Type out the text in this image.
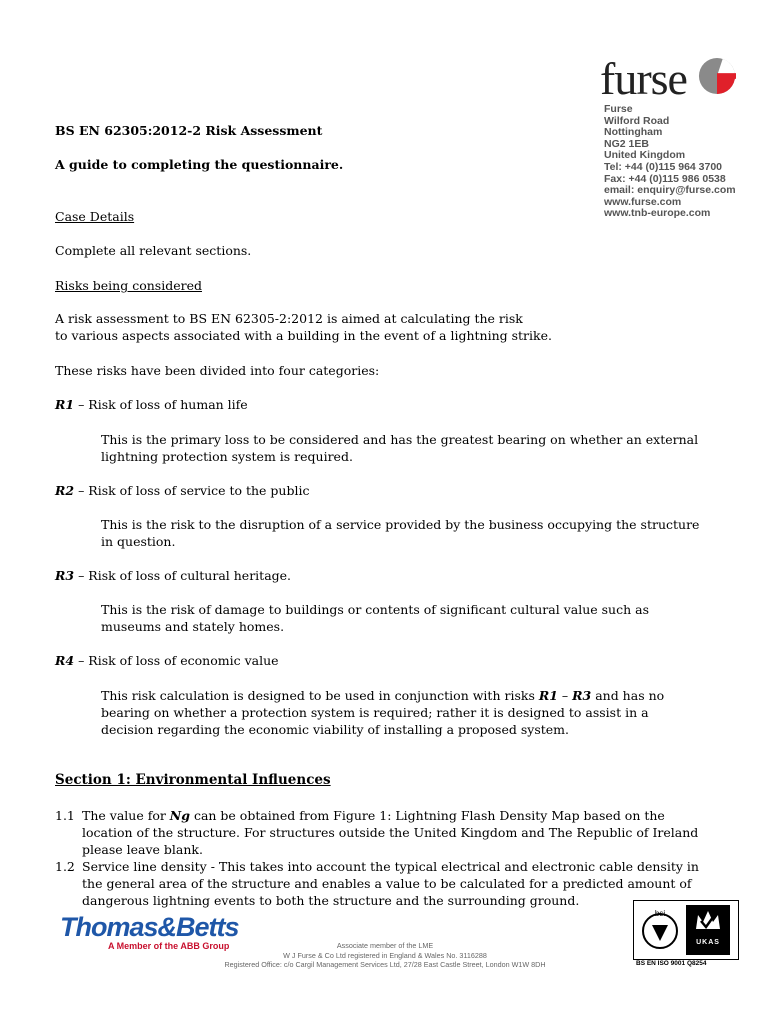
furse
Furse
Wilford Road
Nottingham
NG2 1EB
United Kingdom
Tel: +44 (0)115 964 3700
Fax: +44 (0)115 986 0538
email: enquiry@furse.com
www.furse.com
www.tnb-europe.com
BS EN 62305:2012-2 Risk Assessment
A guide to completing the questionnaire.
Case Details
Complete all relevant sections.
Risks being considered
A risk assessment to BS EN 62305-2:2012 is aimed at calculating the risk
to various aspects associated with a building in the event of a lightning strike.
These risks have been divided into four categories:
R1 – Risk of loss of human life
This is the primary loss to be considered and has the greatest bearing on whether an external
lightning protection system is required.
R2 – Risk of loss of service to the public
This is the risk to the disruption of a service provided by the business occupying the structure
in question.
R3 – Risk of loss of cultural heritage.
This is the risk of damage to buildings or contents of significant cultural value such as
museums and stately homes.
R4 – Risk of loss of economic value
This risk calculation is designed to be used in conjunction with risks R1 – R3 and has no
bearing on whether a protection system is required; rather it is designed to assist in a
decision regarding the economic viability of installing a proposed system.
Section 1: Environmental Influences
1.1 The value for Ng can be obtained from Figure 1: Lightning Flash Density Map based on the
location of the structure. For structures outside the United Kingdom and The Republic of Ireland
please leave blank.
1.2 Service line density - This takes into account the typical electrical and electronic cable density in
the general area of the structure and enables a value to be calculated for a predicted amount of
dangerous lightning events to both the structure and the surrounding ground.
Thomas&Betts
A Member of the ABB Group	Associate member of the LME
W J Furse & Co Ltd registered in England & Wales No. 3116288
Registered Office: c/o Cargil Management Services Ltd, 27/28 East Castle Street, London W1W 8DH
bsi
UKAS
BS EN ISO 9001 Q8254
